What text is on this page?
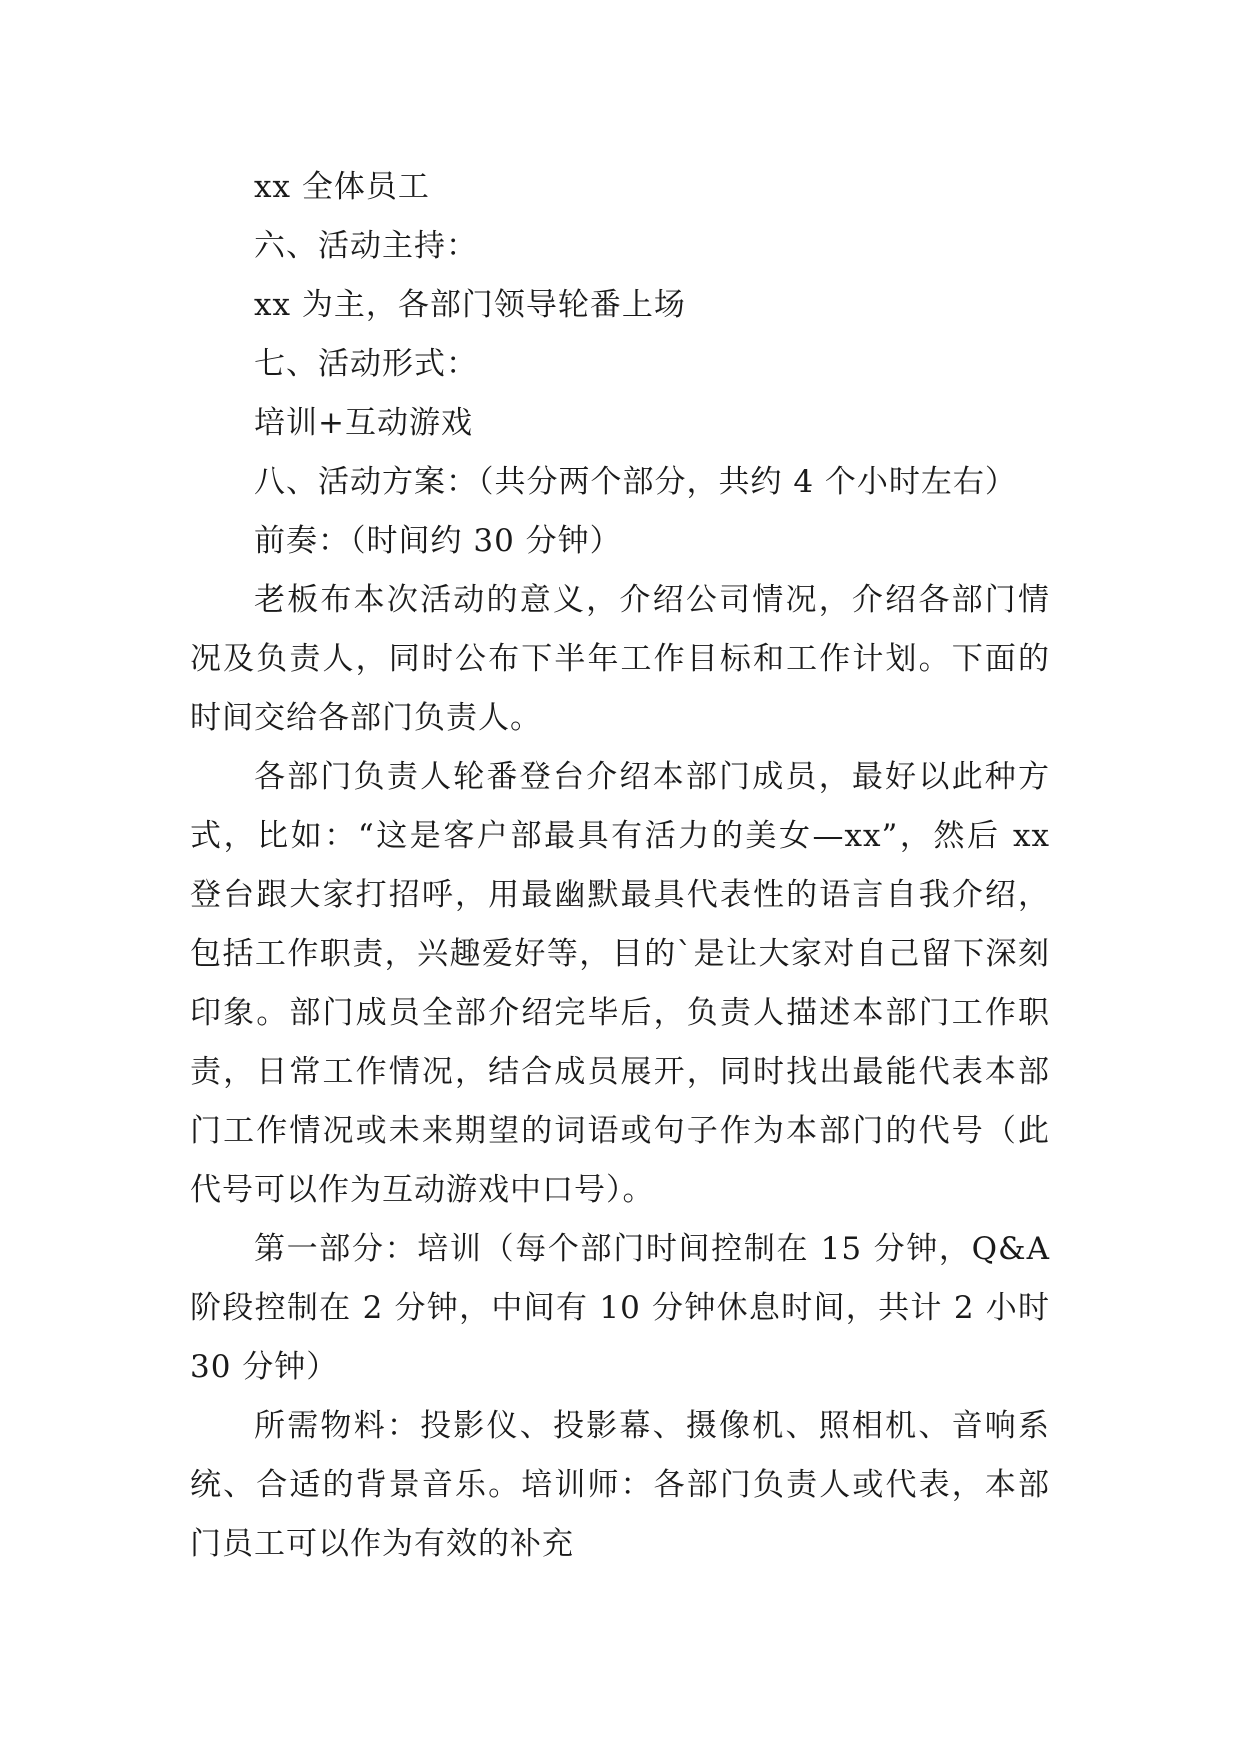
xx 全体员工

六、活动主持：

xx 为主，各部门领导轮番上场

七、活动形式：

培训+互动游戏

八、活动方案：（共分两个部分，共约 4 个小时左右）

前奏：（时间约 30 分钟）

老板布本次活动的意义，介绍公司情况，介绍各部门情况及负责人，同时公布下半年工作目标和工作计划。下面的时间交给各部门负责人。

各部门负责人轮番登台介绍本部门成员，最好以此种方式，比如：“这是客户部最具有活力的美女—xx”，然后 xx 登台跟大家打招呼，用最幽默最具代表性的语言自我介绍，包括工作职责，兴趣爱好等，目的`是让大家对自己留下深刻印象。部门成员全部介绍完毕后，负责人描述本部门工作职责，日常工作情况，结合成员展开，同时找出最能代表本部门工作情况或未来期望的词语或句子作为本部门的代号（此代号可以作为互动游戏中口号）。

第一部分：培训（每个部门时间控制在 15 分钟，Q&A 阶段控制在 2 分钟，中间有 10 分钟休息时间，共计 2 小时 30 分钟）

所需物料：投影仪、投影幕、摄像机、照相机、音响系统、合适的背景音乐。培训师：各部门负责人或代表，本部门员工可以作为有效的补充
